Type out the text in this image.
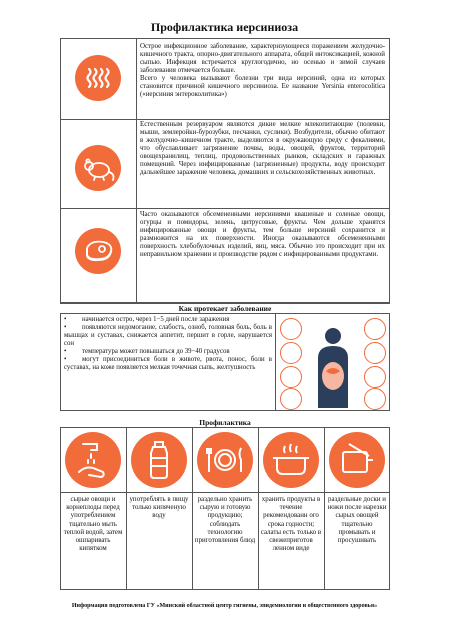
Профилактика иерсиниоза
Острое инфекционное заболевание, характеризующееся поражением желудочно-кишечного тракта, опорно-двигательного аппарата, общей интоксикацией, кожной сыпью. Инфекция встречается круглогодично, но осенью и зимой случаев заболевания отмечается больше.
Всего у человека вызывают болезни три вида иерсиний, одна из которых становится причиной кишечного иерсиниоза. Ее название Yersinia enterocolitica («иерсиния энтероколитика»)
Естественным резервуаром являются дикие мелкие млекопитающие (полевки, мыши, землеройки-бурозубки, песчанки, суслики). Возбудители, обычно обитают в желудочно–кишечном тракте, выделяются в окружающую среду с фекалиями, что обуславливает загрязнение почвы, воды, овощей, фруктов, территорий овощехранилищ, теплиц, продовольственных рынков, складских и гаражных помещений. Через инфицированные (загрязненные) продукты, воду происходит дальнейшее заражение человека, домашних и сельскохозяйственных животных.
Часто оказываются обсемененными иерсиниями квашеные и соленые овощи, огурцы и помидоры, зелень, цитрусовые, фрукты. Чем дольше хранятся инфицированные овощи и фрукты, тем больше иерсиний сохранится и размножится на их поверхности. Иногда оказываются обсемененными поверхность хлебобулочных изделий, яиц, мяса. Обычно это происходит при их неправильном хранении и производстве рядом с инфицированными продуктами.
Как протекает заболевание
• начинается остро, через 1−5 дней после заражения
• появляются недомогание, слабость, озноб, головная боль, боль в мышцах и суставах, снижается аппетит, першит в горле, нарушается сон
• температура может повышаться до 39−40 градусов
• могут присоединиться боли в животе, рвота, понос, боли в суставах, на коже появляется мелкая точечная сыпь, желтушность
Профилактика
сырые овощи и корнеплоды перед употреблением тщательно мыть теплой водой, затем ошпаривать кипятком
употреблять в пищу только кипяченую воду
раздельно хранить сырую и готовую продукцию; соблюдать технологию приготовления блюд
хранить продукты в течение рекомендованн ого срока годности; салаты есть только в свежеприготов ленном виде
раздельные доски и ножи после нарезки сырых овощей тщательно промывать и просушивать
Информация подготовлена ГУ «Минский областной центр гигиены, эпидемиологии и общественного здоровья»
